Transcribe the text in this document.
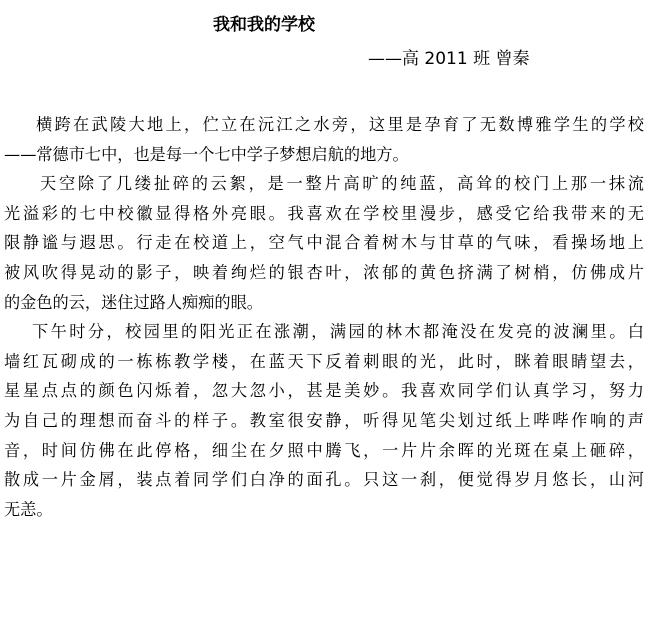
我和我的学校
——高 2011 班 曾秦
横跨在武陵大地上，伫立在沅江之水旁，这里是孕育了无数博雅学生的学校
——常德市七中，也是每一个七中学子梦想启航的地方。
天空除了几缕扯碎的云絮，是一整片高旷的纯蓝，高耸的校门上那一抹流
光溢彩的七中校徽显得格外亮眼。我喜欢在学校里漫步，感受它给我带来的无
限静谧与遐思。行走在校道上，空气中混合着树木与甘草的气味，看操场地上
被风吹得晃动的影子，映着绚烂的银杏叶，浓郁的黄色挤满了树梢，仿佛成片
的金色的云，迷住过路人痴痴的眼。
下午时分，校园里的阳光正在涨潮，满园的林木都淹没在发亮的波澜里。白
墙红瓦砌成的一栋栋教学楼，在蓝天下反着刺眼的光，此时，眯着眼睛望去，
星星点点的颜色闪烁着，忽大忽小，甚是美妙。我喜欢同学们认真学习，努力
为自己的理想而奋斗的样子。教室很安静，听得见笔尖划过纸上哔哔作响的声
音，时间仿佛在此停格，细尘在夕照中腾飞，一片片余晖的光斑在桌上砸碎，
散成一片金屑，装点着同学们白净的面孔。只这一刹，便觉得岁月悠长，山河
无恙。
